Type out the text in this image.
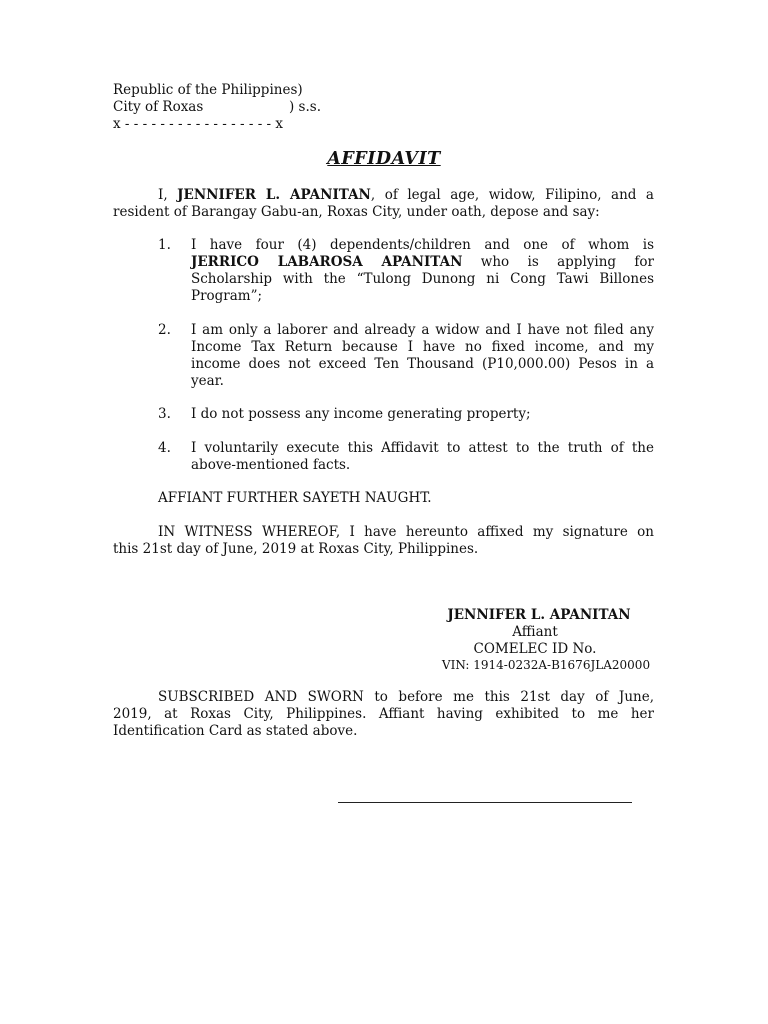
Republic of the Philippines)
City of Roxas	) s.s.
x - - - - - - - - - - - - - - - - - x
AFFIDAVIT
I, JENNIFER L. APANITAN, of legal age, widow, Filipino, and a
resident of Barangay Gabu-an, Roxas City, under oath, depose and say:
1.	I have four (4) dependents/children and one of whom is
JERRICO LABAROSA APANITAN who is applying for
Scholarship with the “Tulong Dunong ni Cong Tawi Billones
Program”;
2.	I am only a laborer and already a widow and I have not filed any
Income Tax Return because I have no fixed income, and my
income does not exceed Ten Thousand (P10,000.00) Pesos in a
year.
3.	I do not possess any income generating property;
4.	I voluntarily execute this Affidavit to attest to the truth of the
above-mentioned facts.
AFFIANT FURTHER SAYETH NAUGHT.
IN WITNESS WHEREOF, I have hereunto affixed my signature on
this 21st day of June, 2019 at Roxas City, Philippines.
JENNIFER L. APANITAN
Affiant
COMELEC ID No.
VIN: 1914-0232A-B1676JLA20000
SUBSCRIBED AND SWORN to before me this 21st day of June,
2019, at Roxas City, Philippines. Affiant having exhibited to me her
Identification Card as stated above.
